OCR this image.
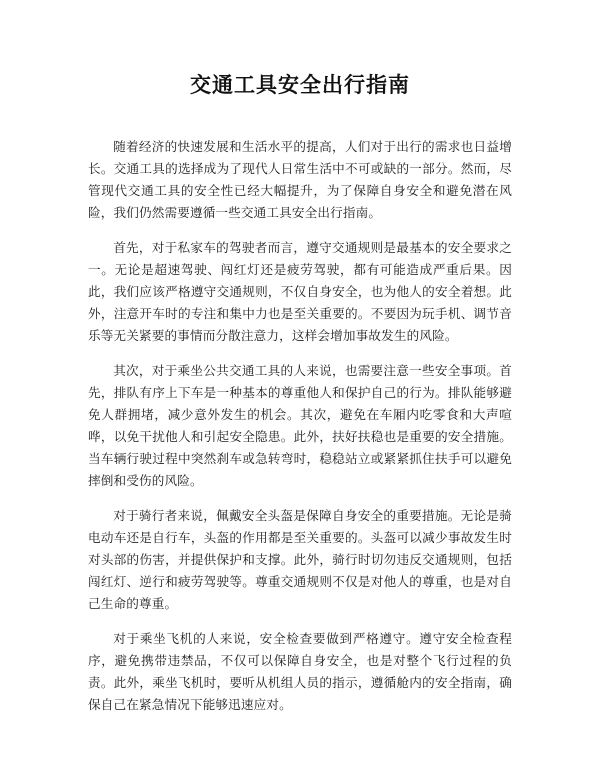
交通工具安全出行指南

随着经济的快速发展和生活水平的提高，人们对于出行的需求也日益增长。交通工具的选择成为了现代人日常生活中不可或缺的一部分。然而，尽管现代交通工具的安全性已经大幅提升，为了保障自身安全和避免潜在风险，我们仍然需要遵循一些交通工具安全出行指南。

首先，对于私家车的驾驶者而言，遵守交通规则是最基本的安全要求之一。无论是超速驾驶、闯红灯还是疲劳驾驶，都有可能造成严重后果。因此，我们应该严格遵守交通规则，不仅自身安全，也为他人的安全着想。此外，注意开车时的专注和集中力也是至关重要的。不要因为玩手机、调节音乐等无关紧要的事情而分散注意力，这样会增加事故发生的风险。

其次，对于乘坐公共交通工具的人来说，也需要注意一些安全事项。首先，排队有序上下车是一种基本的尊重他人和保护自己的行为。排队能够避免人群拥堵，减少意外发生的机会。其次，避免在车厢内吃零食和大声喧哗，以免干扰他人和引起安全隐患。此外，扶好扶稳也是重要的安全措施。当车辆行驶过程中突然刹车或急转弯时，稳稳站立或紧紧抓住扶手可以避免摔倒和受伤的风险。

对于骑行者来说，佩戴安全头盔是保障自身安全的重要措施。无论是骑电动车还是自行车，头盔的作用都是至关重要的。头盔可以减少事故发生时对头部的伤害，并提供保护和支撑。此外，骑行时切勿违反交通规则，包括闯红灯、逆行和疲劳驾驶等。尊重交通规则不仅是对他人的尊重，也是对自己生命的尊重。

对于乘坐飞机的人来说，安全检查要做到严格遵守。遵守安全检查程序，避免携带违禁品，不仅可以保障自身安全，也是对整个飞行过程的负责。此外，乘坐飞机时，要听从机组人员的指示，遵循舱内的安全指南，确保自己在紧急情况下能够迅速应对。
